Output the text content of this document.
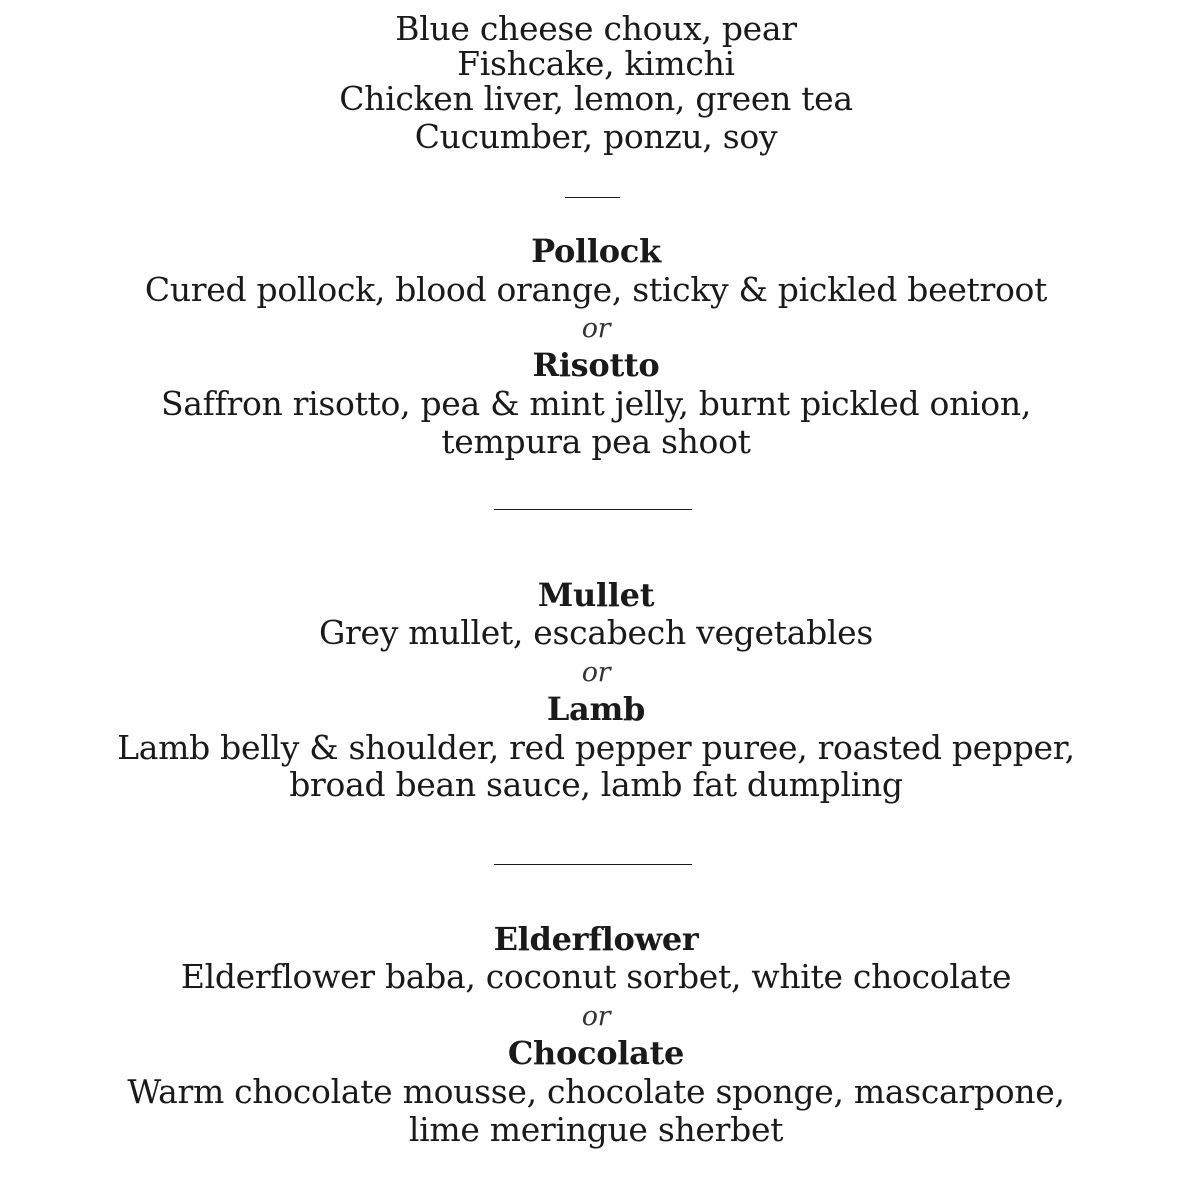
Blue cheese choux, pear
Fishcake, kimchi
Chicken liver, lemon, green tea
Cucumber, ponzu, soy
Pollock
Cured pollock, blood orange, sticky & pickled beetroot
or
Risotto
Saffron risotto, pea & mint jelly, burnt pickled onion,
tempura pea shoot
Mullet
Grey mullet, escabech vegetables
or
Lamb
Lamb belly & shoulder, red pepper puree, roasted pepper,
broad bean sauce, lamb fat dumpling
Elderflower
Elderflower baba, coconut sorbet, white chocolate
or
Chocolate
Warm chocolate mousse, chocolate sponge, mascarpone,
lime meringue sherbet
